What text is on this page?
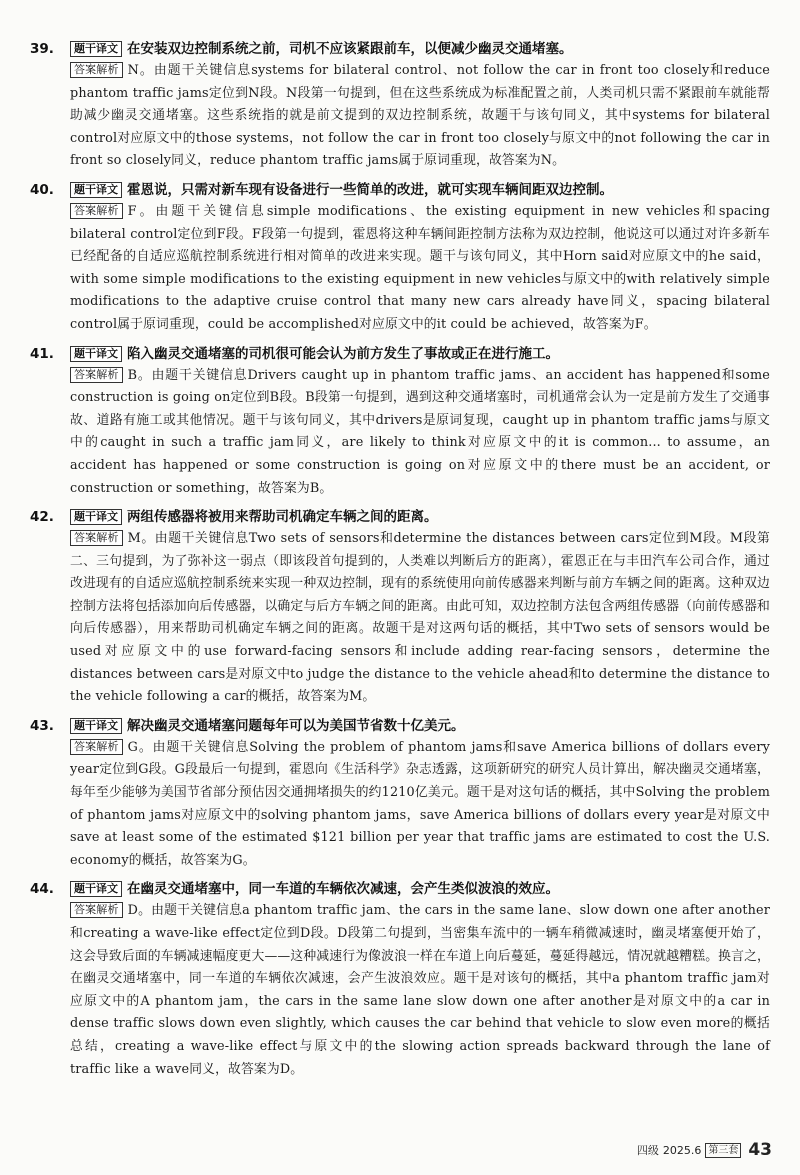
39. 题干译文 在安装双边控制系统之前，司机不应该紧跟前车，以便减少幽灵交通堵塞。
答案解析 N。由题干关键信息systems for bilateral control、not follow the car in front too closely和reduce phantom traffic jams定位到N段。N段第一句提到，但在这些系统成为标准配置之前，人类司机只需不紧跟前车就能帮助减少幽灵交通堵塞。这些系统指的就是前文提到的双边控制系统，故题干与该句同义，其中systems for bilateral control对应原文中的those systems，not follow the car in front too closely与原文中的not following the car in front so closely同义，reduce phantom traffic jams属于原词重现，故答案为N。
40. 题干译文 霍恩说，只需对新车现有设备进行一些简单的改进，就可实现车辆间距双边控制。
答案解析 F。由题干关键信息simple modifications、the existing equipment in new vehicles和spacing bilateral control定位到F段。F段第一句提到，霍恩将这种车辆间距控制方法称为双边控制，他说这可以通过对许多新车已经配备的自适应巡航控制系统进行相对简单的改进来实现。题干与该句同义，其中Horn said对应原文中的he said，with some simple modifications to the existing equipment in new vehicles与原文中的with relatively simple modifications to the adaptive cruise control that many new cars already have同义，spacing bilateral control属于原词重现，could be accomplished对应原文中的it could be achieved，故答案为F。
41. 题干译文 陷入幽灵交通堵塞的司机很可能会认为前方发生了事故或正在进行施工。
答案解析 B。由题干关键信息Drivers caught up in phantom traffic jams、an accident has happened和some construction is going on定位到B段。B段第一句提到，遇到这种交通堵塞时，司机通常会认为一定是前方发生了交通事故、道路有施工或其他情况。题干与该句同义，其中drivers是原词复现，caught up in phantom traffic jams与原文中的caught in such a traffic jam同义，are likely to think对应原文中的it is common... to assume，an accident has happened or some construction is going on对应原文中的there must be an accident, or construction or something，故答案为B。
42. 题干译文 两组传感器将被用来帮助司机确定车辆之间的距离。
答案解析 M。由题干关键信息Two sets of sensors和determine the distances between cars定位到M段。M段第二、三句提到，为了弥补这一弱点（即该段首句提到的，人类难以判断后方的距离），霍恩正在与丰田汽车公司合作，通过改进现有的自适应巡航控制系统来实现一种双边控制，现有的系统使用向前传感器来判断与前方车辆之间的距离。这种双边控制方法将包括添加向后传感器，以确定与后方车辆之间的距离。由此可知，双边控制方法包含两组传感器（向前传感器和向后传感器），用来帮助司机确定车辆之间的距离。故题干是对这两句话的概括，其中Two sets of sensors would be used对应原文中的use forward-facing sensors和include adding rear-facing sensors，determine the distances between cars是对原文中to judge the distance to the vehicle ahead和to determine the distance to the vehicle following a car的概括，故答案为M。
43. 题干译文 解决幽灵交通堵塞问题每年可以为美国节省数十亿美元。
答案解析 G。由题干关键信息Solving the problem of phantom jams和save America billions of dollars every year定位到G段。G段最后一句提到，霍恩向《生活科学》杂志透露，这项新研究的研究人员计算出，解决幽灵交通堵塞，每年至少能够为美国节省部分预估因交通拥堵损失的约1210亿美元。题干是对这句话的概括，其中Solving the problem of phantom jams对应原文中的solving phantom jams，save America billions of dollars every year是对原文中save at least some of the estimated $121 billion per year that traffic jams are estimated to cost the U.S. economy的概括，故答案为G。
44. 题干译文 在幽灵交通堵塞中，同一车道的车辆依次减速，会产生类似波浪的效应。
答案解析 D。由题干关键信息a phantom traffic jam、the cars in the same lane、slow down one after another和creating a wave-like effect定位到D段。D段第二句提到，当密集车流中的一辆车稍微减速时，幽灵堵塞便开始了，这会导致后面的车辆减速幅度更大——这种减速行为像波浪一样在车道上向后蔓延，蔓延得越远，情况就越糟糕。换言之，在幽灵交通堵塞中，同一车道的车辆依次减速，会产生波浪效应。题干是对该句的概括，其中a phantom traffic jam对应原文中的A phantom jam，the cars in the same lane slow down one after another是对原文中的a car in dense traffic slows down even slightly, which causes the car behind that vehicle to slow even more的概括总结，creating a wave-like effect与原文中的the slowing action spreads backward through the lane of traffic like a wave同义，故答案为D。
四级 2025.6 第三套 43
